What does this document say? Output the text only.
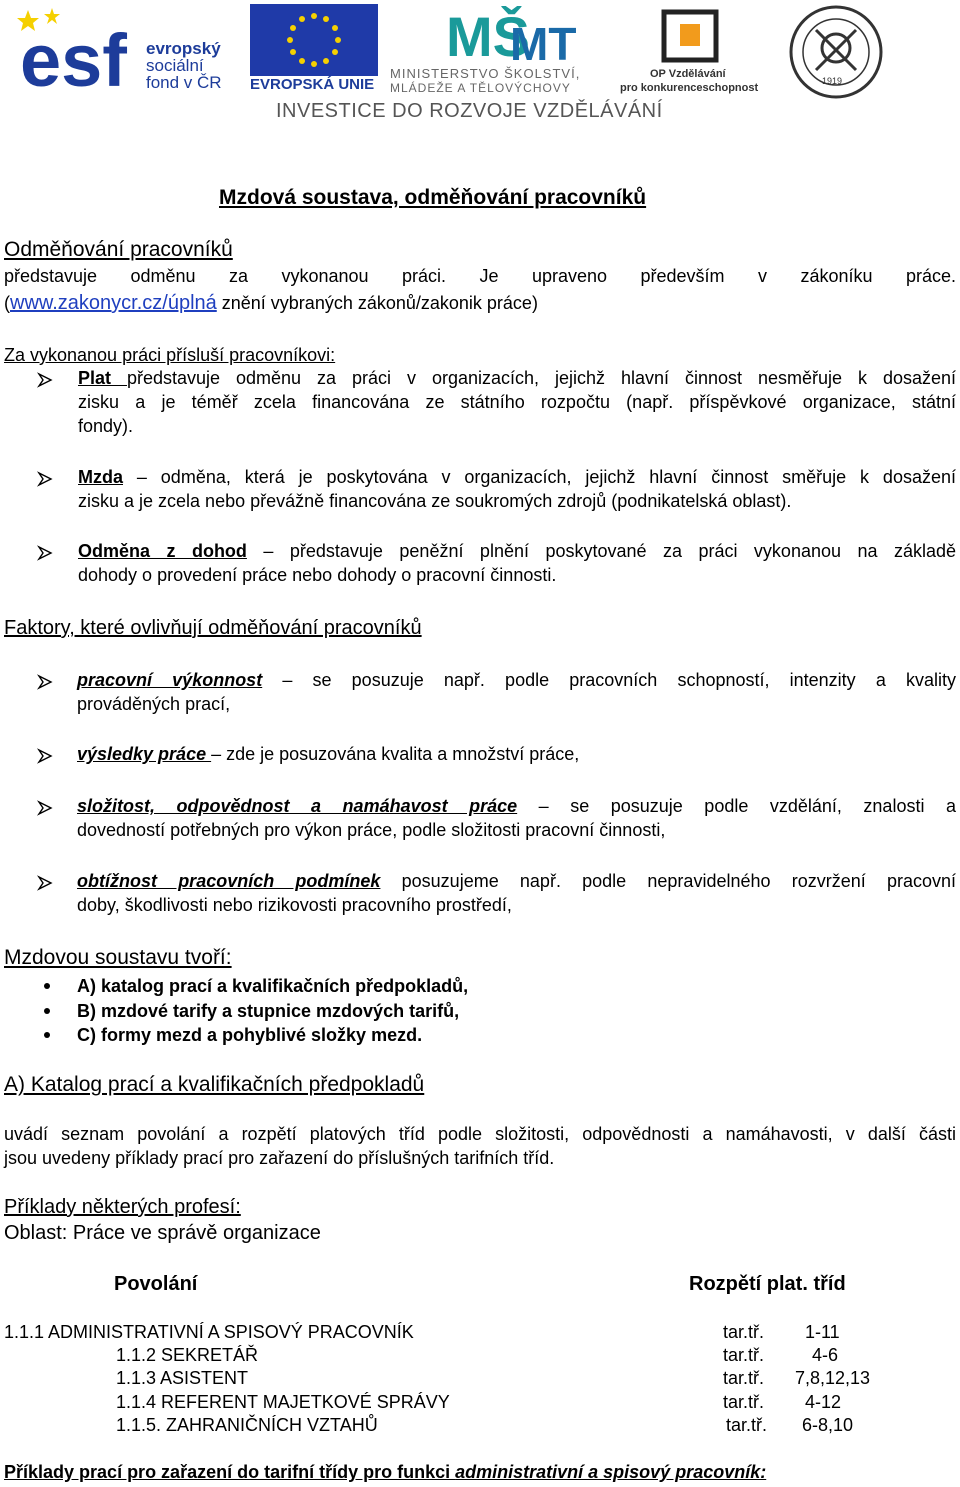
esf evropský
sociální
fond v ČR EVROPSKÁ UNIE
MŠ
MT
MINISTERSTVO ŠKOLSTVÍ,
MLÁDEŽE A TĚLOVÝCHOVY
OP Vzdělávání
pro konkurenceschopnost
1919
INVESTICE DO ROZVOJE VZDĚLÁVÁNÍ
Mzdová soustava, odměňování pracovníků
Odměňování pracovníků
představuje odměnu za vykonanou práci. Je upraveno především v zákoníku práce.
(www.zakonycr.cz/úplná znění vybraných zákonů/zakonik práce)
Za vykonanou práci přísluší pracovníkovi:
Plat představuje odměnu za práci v organizacích, jejichž hlavní činnost nesměřuje k dosažení
zisku a je téměř zcela financována ze státního rozpočtu (např. příspěvkové organizace, státní
fondy).
Mzda – odměna, která je poskytována v organizacích, jejichž hlavní činnost směřuje k dosažení
zisku a je zcela nebo převážně financována ze soukromých zdrojů (podnikatelská oblast).
Odměna z dohod – představuje peněžní plnění poskytované za práci vykonanou na základě
dohody o provedení práce nebo dohody o pracovní činnosti.
Faktory, které ovlivňují odměňování pracovníků
pracovní výkonnost – se posuzuje např. podle pracovních schopností, intenzity a kvality
prováděných prací,
výsledky práce – zde je posuzována kvalita a množství práce,
složitost, odpovědnost a namáhavost práce – se posuzuje podle vzdělání, znalosti a
dovedností potřebných pro výkon práce, podle složitosti pracovní činnosti,
obtížnost pracovních podmínek posuzujeme např. podle nepravidelného rozvržení pracovní
doby, škodlivosti nebo rizikovosti pracovního prostředí,
Mzdovou soustavu tvoří:
A) katalog prací a kvalifikačních předpokladů,
B) mzdové tarify a stupnice mzdových tarifů,
C) formy mezd a pohyblivé složky mezd.
A) Katalog prací a kvalifikačních předpokladů
uvádí seznam povolání a rozpětí platových tříd podle složitosti, odpovědnosti a namáhavosti, v další části
jsou uvedeny příklady prací pro zařazení do příslušných tarifních tříd.
Příklady některých profesí:
Oblast: Práce ve správě organizace
Povolání	Rozpětí plat. tříd
1.1.1 ADMINISTRATIVNÍ A SPISOVÝ PRACOVNÍK	tar.tř. 1-11
1.1.2 SEKRETÁŘ	tar.tř.	4-6
1.1.3 ASISTENT	tar.tř. 7,8,12,13
1.1.4 REFERENT MAJETKOVÉ SPRÁVY	tar.tř. 4-12
1.1.5. ZAHRANIČNÍCH VZTAHŮ	tar.tř. 6-8,10
Příklady prací pro zařazení do tarifní třídy pro funkci administrativní a spisový pracovník:
